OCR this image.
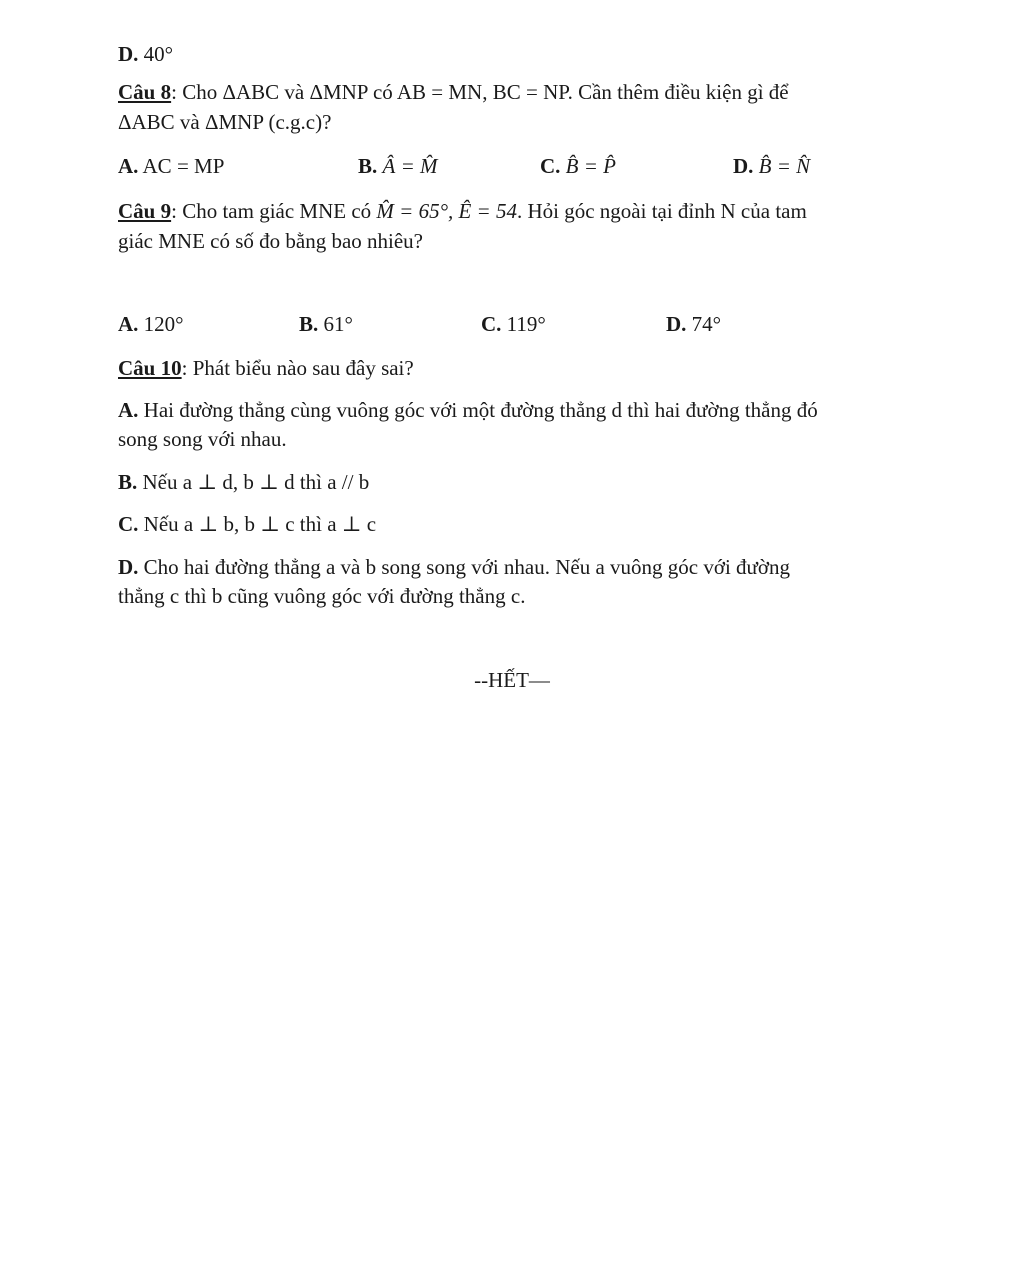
D. 40°
Câu 8: Cho ΔABC và ΔMNP có AB = MN, BC = NP. Cần thêm điều kiện gì để
ΔABC và ΔMNP (c.g.c)?
A. AC = MP	B. Â = M̂	C. B̂ = P̂	D. B̂ = N̂
Câu 9: Cho tam giác MNE có M̂ = 65°, Ê = 54. Hỏi góc ngoài tại đỉnh N của tam
giác MNE có số đo bằng bao nhiêu?
A. 120°	B. 61°	C. 119°	D. 74°
Câu 10: Phát biểu nào sau đây sai?
A. Hai đường thẳng cùng vuông góc với một đường thẳng d thì hai đường thẳng đó
song song với nhau.
B. Nếu a ⊥ d, b ⊥ d thì a // b
C. Nếu a ⊥ b, b ⊥ c thì a ⊥ c
D. Cho hai đường thẳng a và b song song với nhau. Nếu a vuông góc với đường
thẳng c thì b cũng vuông góc với đường thẳng c.
--HẾT—
